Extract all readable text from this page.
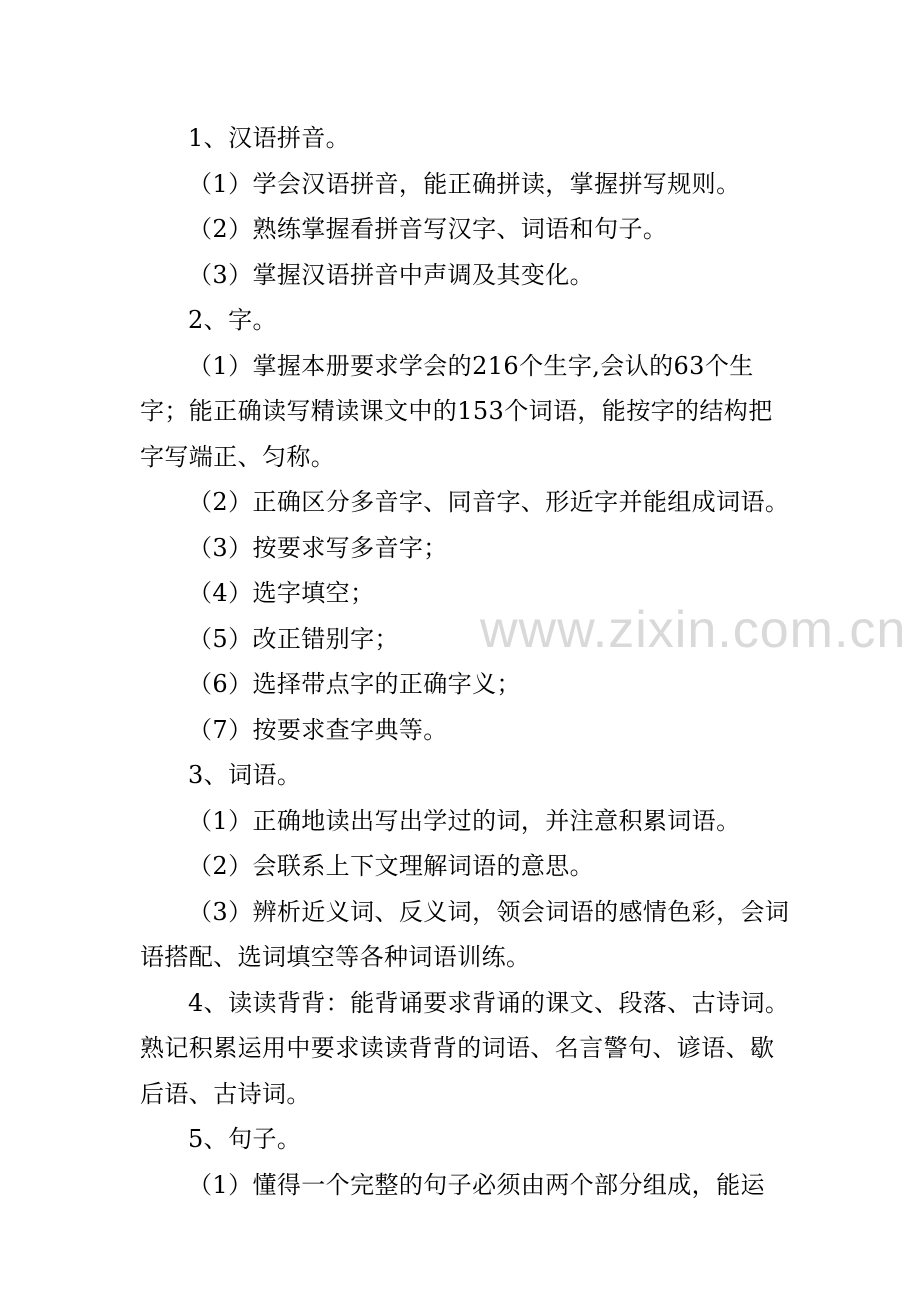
1、汉语拼音。

（1）学会汉语拼音，能正确拼读，掌握拼写规则。

（2）熟练掌握看拼音写汉字、词语和句子。

（3）掌握汉语拼音中声调及其变化。

2、字。

（1）掌握本册要求学会的216个生字,会认的63个生字；能正确读写精读课文中的153个词语，能按字的结构把字写端正、匀称。

（2）正确区分多音字、同音字、形近字并能组成词语。

（3）按要求写多音字；

（4）选字填空；

（5）改正错别字；

（6）选择带点字的正确字义；

（7）按要求查字典等。

3、词语。

（1）正确地读出写出学过的词，并注意积累词语。

（2）会联系上下文理解词语的意思。

（3）辨析近义词、反义词，领会词语的感情色彩，会词语搭配、选词填空等各种词语训练。

4、读读背背：能背诵要求背诵的课文、段落、古诗词。熟记积累运用中要求读读背背的词语、名言警句、谚语、歇后语、古诗词。

5、句子。

（1）懂得一个完整的句子必须由两个部分组成，能运

www.zixin.com.cn
